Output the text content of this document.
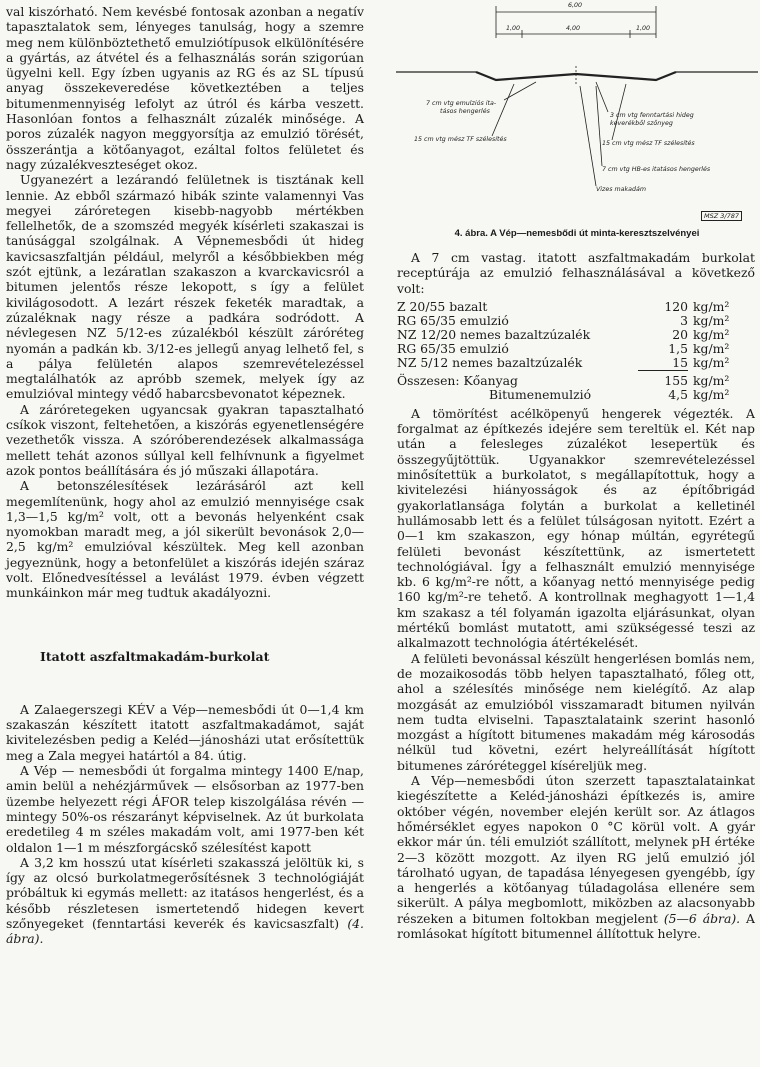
val kiszórható. Nem kevésbé fontosak azonban a negatív tapasztalatok sem, lényeges tanulság, hogy a szemre meg nem különböztethető emulziótípusok elkülönítésére a gyártás, az átvétel és a felhasználás során szigorúan ügyelni kell. Egy ízben ugyanis az RG és az SL típusú anyag összekeveredése következtében a teljes bitumenmennyiség lefolyt az útról és kárba veszett. Hasonlóan fontos a felhasznált zúzalék minősége. A poros zúzalék nagyon meggyorsítja az emulzió törését, összerántja a kötőanyagot, ezáltal foltos felületet és nagy zúzalékveszteséget okoz.

Ugyanezért a lezárandó felületnek is tisztának kell lennie. Az ebből származó hibák szinte valamennyi Vas megyei záróretegen kisebb-nagyobb mértékben fellelhetők, de a szomszéd megyék kísérleti szakaszai is tanúsággal szolgálnak. A Vépnemesbődi út hideg kavicsaszfaltján például, melyről a későbbiekben még szót ejtünk, a lezáratlan szakaszon a kvarckavicsról a bitumen jelentős része lekopott, s így a felület kivilágosodott. A lezárt részek feketék maradtak, a zúzaléknak nagy része a padkára sodródott. A névlegesen NZ 5/12-es zúzalékból készült záróréteg nyomán a padkán kb. 3/12-es jellegű anyag lelhető fel, s a pálya felületén alapos szemrevételezéssel megtalálhatók az apróbb szemek, melyek így az emulzióval mintegy védő habarcsbevonatot képeznek.

A záróretegeken ugyancsak gyakran tapasztalható csíkok viszont, feltehetően, a kiszórás egyenetlenségére vezethetők vissza. A szóróberendezések alkalmassága mellett tehát azonos súllyal kell felhívnunk a figyelmet azok pontos beállítására és jó műszaki állapotára.

A betonszélesítések lezárásáról azt kell megemlítenünk, hogy ahol az emulzió mennyisége csak 1,3—1,5 kg/m² volt, ott a bevonás helyenként csak nyomokban maradt meg, a jól sikerült bevonások 2,0—2,5 kg/m² emulzióval készültek. Meg kell azonban jegyeznünk, hogy a betonfelület a kiszórás idején száraz volt. Előnedvesítéssel a leválást 1979. évben végzett munkáinkon már meg tudtuk akadályozni.

Itatott aszfaltmakadám-burkolat

A Zalaegerszegi KÉV a Vép—nemesbődi út 0—1,4 km szakaszán készített itatott aszfaltmakadámot, saját kivitelezésben pedig a Keléd—jánosházi utat erősítettük meg a Zala megyei határtól a 84. útig.

A Vép — nemesbődi út forgalma mintegy 1400 E/nap, amin belül a nehézjárművek — elsősorban az 1977-ben üzembe helyezett régi ÁFOR telep kiszolgálása révén — mintegy 50%-os részarányt képviselnek. Az út burkolata eredetileg 4 m széles makadám volt, ami 1977-ben két oldalon 1—1 m mészforgácskő szélesítést kapott

A 3,2 km hosszú utat kísérleti szakasszá jelöltük ki, s így az olcsó burkolatmegerősítésnek 3 technológiáját próbáltuk ki egymás mellett: az itatásos hengerlést, és a később részletesen ismertetendő hidegen kevert szőnyegeket (fenntartási keverék és kavicsaszfalt) (4. ábra).

6,00
1,00	4,00	1,00
7 cm vtg emulziós ita-
tásos hengerlés
15 cm vtg mész TF szélesítés
3 cm vtg fenntartási hideg
keverékből szőnyeg
15 cm vtg mész TF szélesítés
7 cm vtg HB-es itatásos hengerlés
Vizes makadám
MSZ 3/787
4. ábra. A Vép—nemesbődi út minta-keresztszelvényei

A 7 cm vastag. itatott aszfaltmakadám burkolat receptúrája az emulzió felhasználásával a következő volt:

Z 20/55 bazalt	120	kg/m²
RG 65/35 emulzió	3	kg/m²
NZ 12/20 nemes bazaltzúzalék	20	kg/m²
RG 65/35 emulzió	1,5	kg/m²
NZ 5/12 nemes bazaltzúzalék	15	kg/m²
Összesen: Kőanyag	155	kg/m²
Bitumenemulzió	4,5	kg/m²

A tömörítést acélköpenyű hengerek végezték. A forgalmat az építkezés idejére sem tereltük el. Két nap után a felesleges zúzalékot lesepertük és összegyűjtöttük. Ugyanakkor szemrevételezéssel minősítettük a burkolatot, s megállapítottuk, hogy a kivitelezési hiányosságok és az építőbrigád gyakorlatlansága folytán a burkolat a kelletinél hullámosabb lett és a felület túlságosan nyitott. Ezért a 0—1 km szakaszon, egy hónap múltán, egyrétegű felületi bevonást készítettünk, az ismertetett technológiával. Így a felhasznált emulzió mennyisége kb. 6 kg/m²-re nőtt, a kőanyag nettó mennyisége pedig 160 kg/m²-re tehető. A kontrollnak meghagyott 1—1,4 km szakasz a tél folyamán igazolta eljárásunkat, olyan mértékű bomlást mutatott, ami szükségessé teszi az alkalmazott technológia átértékelését.

A felületi bevonással készült hengerlésen bomlás nem, de mozaikosodás több helyen tapasztalható, főleg ott, ahol a szélesítés minősége nem kielégítő. Az alap mozgását az emulzióból visszamaradt bitumen nyilván nem tudta elviselni. Tapasztalataink szerint hasonló mozgást a hígított bitumenes makadám még károsodás nélkül tud követni, ezért helyreállítását hígított bitumenes záróréteggel kíséreljük meg.

A Vép—nemesbődi úton szerzett tapasztalatainkat kiegészítette a Keléd-jánosházi építkezés is, amire október végén, november elején került sor. Az átlagos hőmérséklet egyes napokon 0 °C körül volt. A gyár ekkor már ún. téli emulziót szállított, melynek pH értéke 2—3 között mozgott. Az ilyen RG jelű emulzió jól tárolható ugyan, de tapadása lényegesen gyengébb, így a hengerlés a kötőanyag túladagolása ellenére sem sikerült. A pálya megbomlott, miközben az alacsonyabb részeken a bitumen foltokban megjelent (5—6 ábra). A romlásokat hígított bitumennel állítottuk helyre.
